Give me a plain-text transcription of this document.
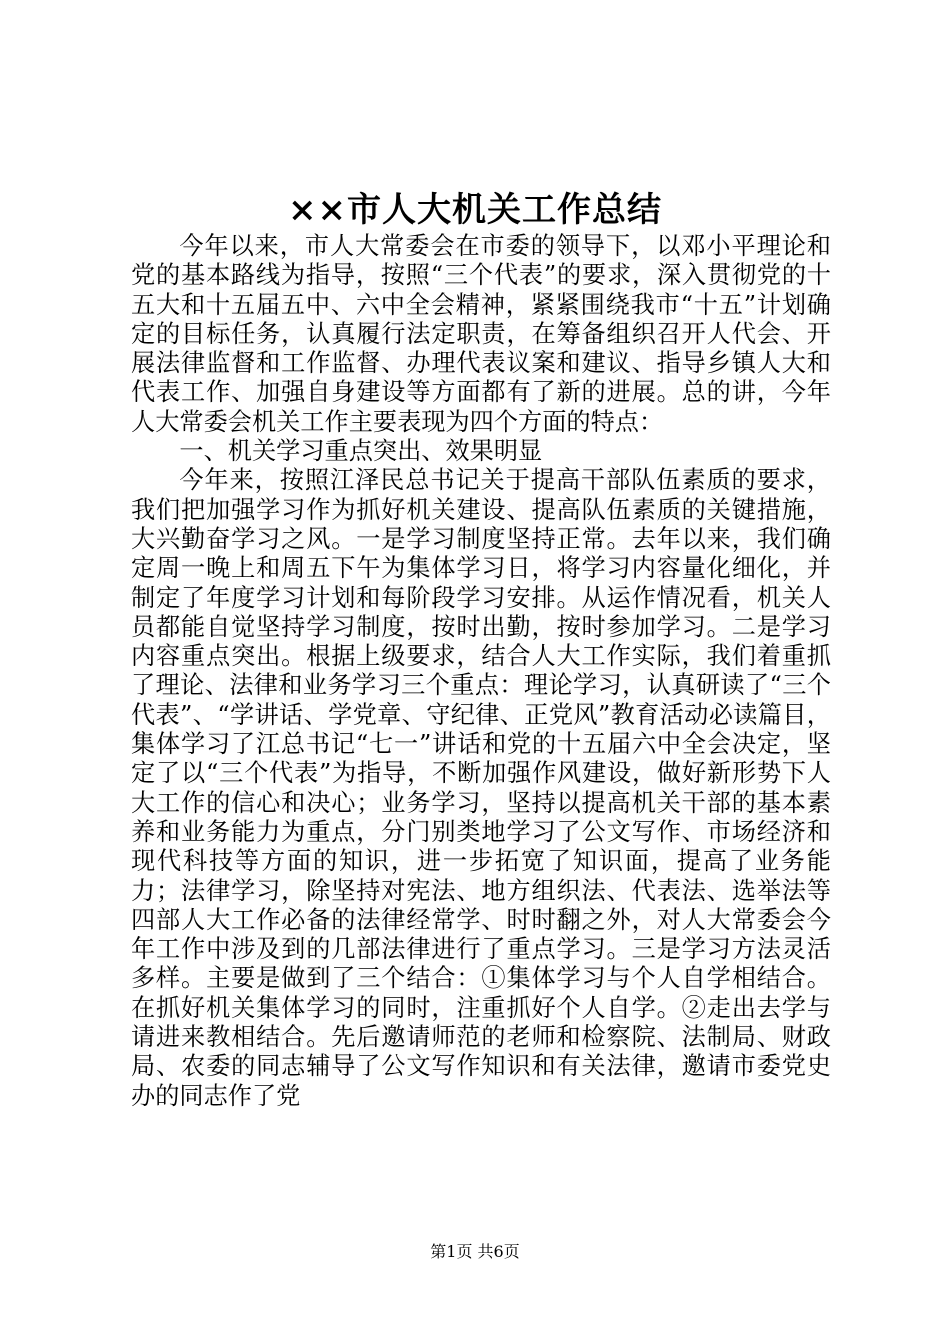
××市人大机关工作总结

今年以来，市人大常委会在市委的领导下，以邓小平理论和党的基本路线为指导，按照“三个代表”的要求，深入贯彻党的十五大和十五届五中、六中全会精神，紧紧围绕我市“十五”计划确定的目标任务，认真履行法定职责，在筹备组织召开人代会、开展法律监督和工作监督、办理代表议案和建议、指导乡镇人大和代表工作、加强自身建设等方面都有了新的进展。总的讲，今年人大常委会机关工作主要表现为四个方面的特点：

一、机关学习重点突出、效果明显

今年来，按照江泽民总书记关于提高干部队伍素质的要求，我们把加强学习作为抓好机关建设、提高队伍素质的关键措施，大兴勤奋学习之风。一是学习制度坚持正常。去年以来，我们确定周一晚上和周五下午为集体学习日，将学习内容量化细化，并制定了年度学习计划和每阶段学习安排。从运作情况看，机关人员都能自觉坚持学习制度，按时出勤，按时参加学习。二是学习内容重点突出。根据上级要求，结合人大工作实际，我们着重抓了理论、法律和业务学习三个重点：理论学习，认真研读了“三个代表”、“学讲话、学党章、守纪律、正党风”教育活动必读篇目，集体学习了江总书记“七一”讲话和党的十五届六中全会决定，坚定了以“三个代表”为指导，不断加强作风建设，做好新形势下人大工作的信心和决心；业务学习，坚持以提高机关干部的基本素养和业务能力为重点，分门别类地学习了公文写作、市场经济和现代科技等方面的知识，进一步拓宽了知识面，提高了业务能力；法律学习，除坚持对宪法、地方组织法、代表法、选举法等四部人大工作必备的法律经常学、时时翻之外，对人大常委会今年工作中涉及到的几部法律进行了重点学习。三是学习方法灵活多样。主要是做到了三个结合：①集体学习与个人自学相结合。在抓好机关集体学习的同时，注重抓好个人自学。②走出去学与请进来教相结合。先后邀请师范的老师和检察院、法制局、财政局、农委的同志辅导了公文写作知识和有关法律，邀请市委党史办的同志作了党

第1页 共6页
